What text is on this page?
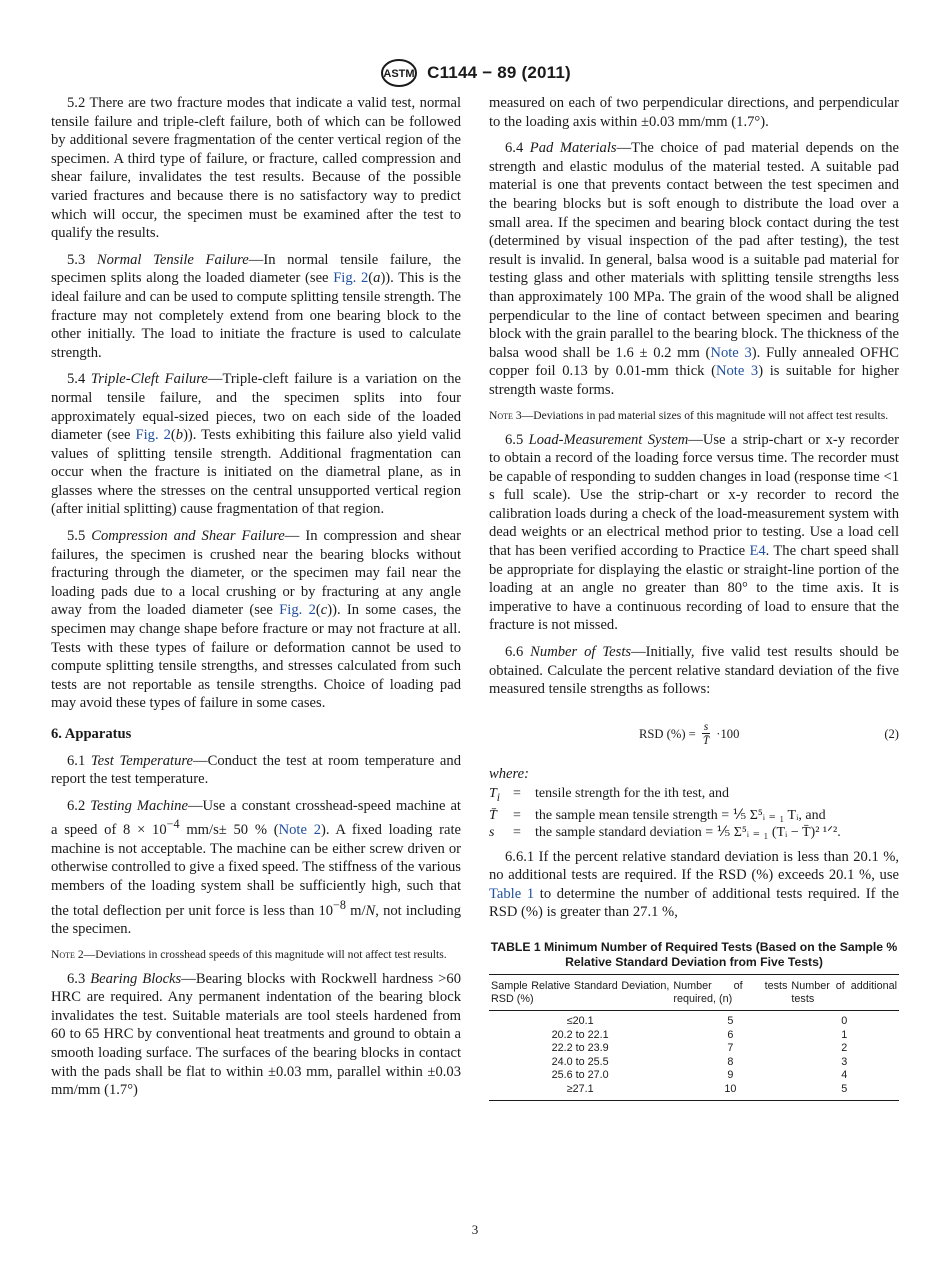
ASTM C1144 − 89 (2011)

5.2 There are two fracture modes that indicate a valid test, normal tensile failure and triple-cleft failure, both of which can be followed by additional severe fragmentation of the center vertical region of the specimen. A third type of failure, or fracture, called compression and shear failure, invalidates the test results. Because of the possible varied fractures and because there is no satisfactory way to predict which will occur, the specimen must be examined after the test to qualify the results.

5.3 Normal Tensile Failure—In normal tensile failure, the specimen splits along the loaded diameter (see Fig. 2(a)). This is the ideal failure and can be used to compute splitting tensile strength. The fracture may not completely extend from one bearing block to the other initially. The load to initiate the fracture is used to calculate strength.

5.4 Triple-Cleft Failure—Triple-cleft failure is a variation on the normal tensile failure, and the specimen splits into four approximately equal-sized pieces, two on each side of the loaded diameter (see Fig. 2(b)). Tests exhibiting this failure also yield valid values of splitting tensile strength. Additional fragmentation can occur when the fracture is initiated on the diametral plane, as in glasses where the stresses on the central unsupported vertical region (after initial splitting) cause fragmentation of that region.

5.5 Compression and Shear Failure— In compression and shear failures, the specimen is crushed near the bearing blocks without fracturing through the diameter, or the specimen may fail near the loading pads due to a local crushing or by fracturing at any angle away from the loaded diameter (see Fig. 2(c)). In some cases, the specimen may change shape before fracture or may not fracture at all. Tests with these types of failure or deformation cannot be used to compute splitting tensile strengths, and stresses calculated from such tests are not reportable as tensile strengths. Choice of loading pad may avoid these types of failure in some cases.

6. Apparatus

6.1 Test Temperature—Conduct the test at room temperature and report the test temperature.

6.2 Testing Machine—Use a constant crosshead-speed machine at a speed of $8 \times 10^{-4}$ mm/s± 50 % (Note 2). A fixed loading rate machine is not acceptable. The machine can be either screw driven or otherwise controlled to give a fixed speed. The stiffness of the various members of the loading system shall be sufficiently high, such that the total deflection per unit force is less than $10^{-8}$ m/N, not including the specimen.

Note 2—Deviations in crosshead speeds of this magnitude will not affect test results.

6.3 Bearing Blocks—Bearing blocks with Rockwell hardness >60 HRC are required. Any permanent indentation of the bearing block invalidates the test. Suitable materials are tool steels hardened from 60 to 65 HRC by conventional heat treatments and ground to obtain a smooth loading surface. The surfaces of the bearing blocks in contact with the pads shall be flat to within ±0.03 mm, parallel within ±0.03 mm/mm (1.7°)

measured on each of two perpendicular directions, and perpendicular to the loading axis within ±0.03 mm/mm (1.7°).

6.4 Pad Materials—The choice of pad material depends on the strength and elastic modulus of the material tested. A suitable pad material is one that prevents contact between the test specimen and the bearing blocks but is soft enough to distribute the load over a small area. If the specimen and bearing block contact during the test (determined by visual inspection of the pad after testing), the test result is invalid. In general, balsa wood is a suitable pad material for testing glass and other materials with splitting tensile strengths less than approximately 100 MPa. The grain of the wood shall be aligned perpendicular to the line of contact between specimen and bearing block with the grain parallel to the bearing block. The thickness of the balsa wood shall be 1.6 ± 0.2 mm (Note 3). Fully annealed OFHC copper foil 0.13 by 0.01-mm thick (Note 3) is suitable for higher strength waste forms.

Note 3—Deviations in pad material sizes of this magnitude will not affect test results.

6.5 Load-Measurement System—Use a strip-chart or x-y recorder to obtain a record of the loading force versus time. The recorder must be capable of responding to sudden changes in load (response time <1 s full scale). Use the strip-chart or x-y recorder to record the calibration loads during a check of the load-measurement system with dead weights or an electrical method prior to testing. Use a load cell that has been verified according to Practice E4. The chart speed shall be appropriate for displaying the elastic or straight-line portion of the loading at an angle no greater than 80° to the time axis. It is imperative to have a continuous recording of load to ensure that the fracture is not missed.

6.6 Number of Tests—Initially, five valid test results should be obtained. Calculate the percent relative standard deviation of the five measured tensile strengths as follows:

RSD (%) = $\frac{s}{T̄} \cdot 100$	(2)
where:
$T_i$ =	tensile strength for the ith test, and
T̄	=	the sample mean tensile strength = ⅕ Σ⁵ᵢ ₌ ₁ Tᵢ, and
s	=	the sample standard deviation = ⅕ Σ⁵ᵢ ₌ ₁ (Tᵢ − T̄)² ¹ᐟ².

6.6.1 If the percent relative standard deviation is less than 20.1 %, no additional tests are required. If the RSD (%) exceeds 20.1 %, use Table 1 to determine the number of additional tests required. If the RSD (%) is greater than 27.1 %,

TABLE 1 Minimum Number of Required Tests (Based on the Sample % Relative Standard Deviation from Five Tests)
Sample Relative Standard Deviation, RSD (%)	Number of tests required, (n)	Number of additional tests
≤20.1	5	0
20.2 to 22.1	6	1
22.2 to 23.9	7	2
24.0 to 25.5	8	3
25.6 to 27.0	9	4
≥27.1	10	5
3
